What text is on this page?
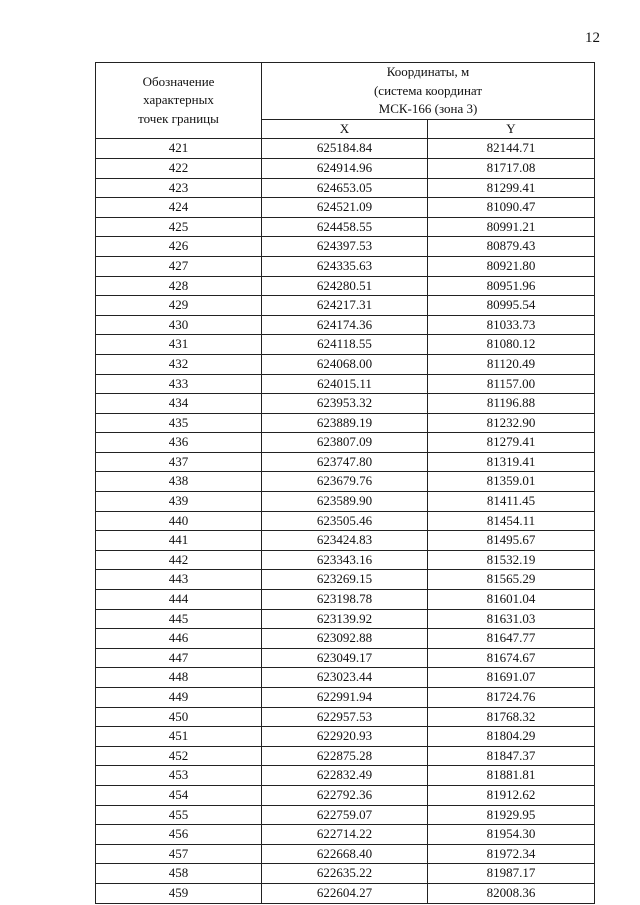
12
Обозначение
характерных
точек границы	Координаты, м
(система координат
МСК-166 (зона 3)	
	X	Y
421	625184.84	82144.71
422	624914.96	81717.08
423	624653.05	81299.41
424	624521.09	81090.47
425	624458.55	80991.21
426	624397.53	80879.43
427	624335.63	80921.80
428	624280.51	80951.96
429	624217.31	80995.54
430	624174.36	81033.73
431	624118.55	81080.12
432	624068.00	81120.49
433	624015.11	81157.00
434	623953.32	81196.88
435	623889.19	81232.90
436	623807.09	81279.41
437	623747.80	81319.41
438	623679.76	81359.01
439	623589.90	81411.45
440	623505.46	81454.11
441	623424.83	81495.67
442	623343.16	81532.19
443	623269.15	81565.29
444	623198.78	81601.04
445	623139.92	81631.03
446	623092.88	81647.77
447	623049.17	81674.67
448	623023.44	81691.07
449	622991.94	81724.76
450	622957.53	81768.32
451	622920.93	81804.29
452	622875.28	81847.37
453	622832.49	81881.81
454	622792.36	81912.62
455	622759.07	81929.95
456	622714.22	81954.30
457	622668.40	81972.34
458	622635.22	81987.17
459	622604.27	82008.36
